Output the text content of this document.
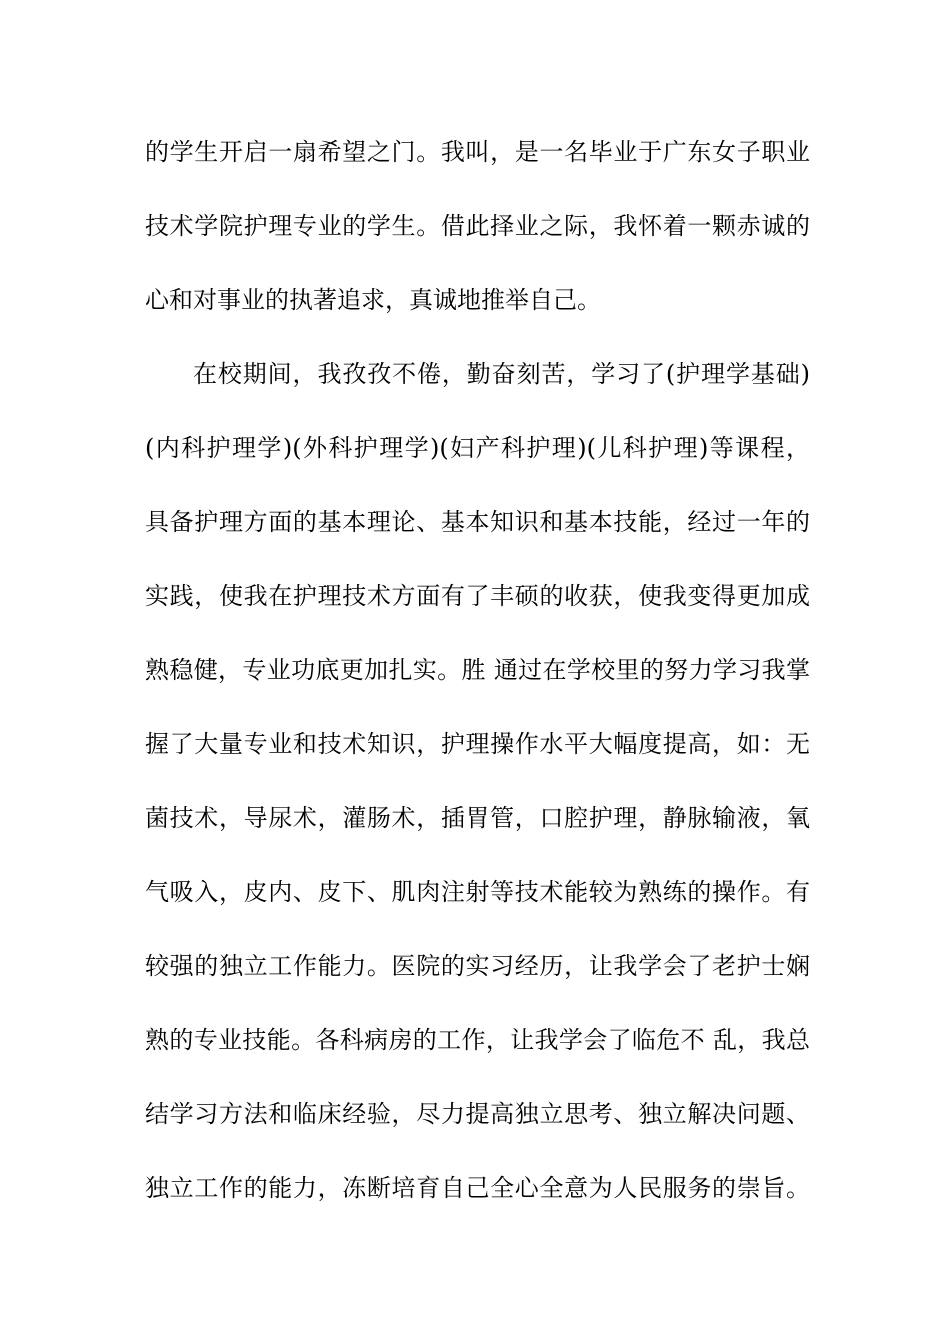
的学生开启一扇希望之门。我叫，是一名毕业于广东女子职业
技术学院护理专业的学生。借此择业之际，我怀着一颗赤诚的
心和对事业的执著追求，真诚地推举自己。
在校期间，我孜孜不倦，勤奋刻苦，学习了(护理学基础)
(内科护理学)(外科护理学)(妇产科护理)(儿科护理)等课程，
具备护理方面的基本理论、基本知识和基本技能，经过一年的
实践，使我在护理技术方面有了丰硕的收获，使我变得更加成
熟稳健，专业功底更加扎实。胜 通过在学校里的努力学习我掌
握了大量专业和技术知识，护理操作水平大幅度提高，如：无
菌技术，导尿术，灌肠术，插胃管，口腔护理，静脉输液，氧
气吸入，皮内、皮下、肌肉注射等技术能较为熟练的操作。有
较强的独立工作能力。医院的实习经历，让我学会了老护士娴
熟的专业技能。各科病房的工作，让我学会了临危不 乱，我总
结学习方法和临床经验，尽力提高独立思考、独立解决问题、
独立工作的能力，冻断培育自己全心全意为人民服务的崇旨。
